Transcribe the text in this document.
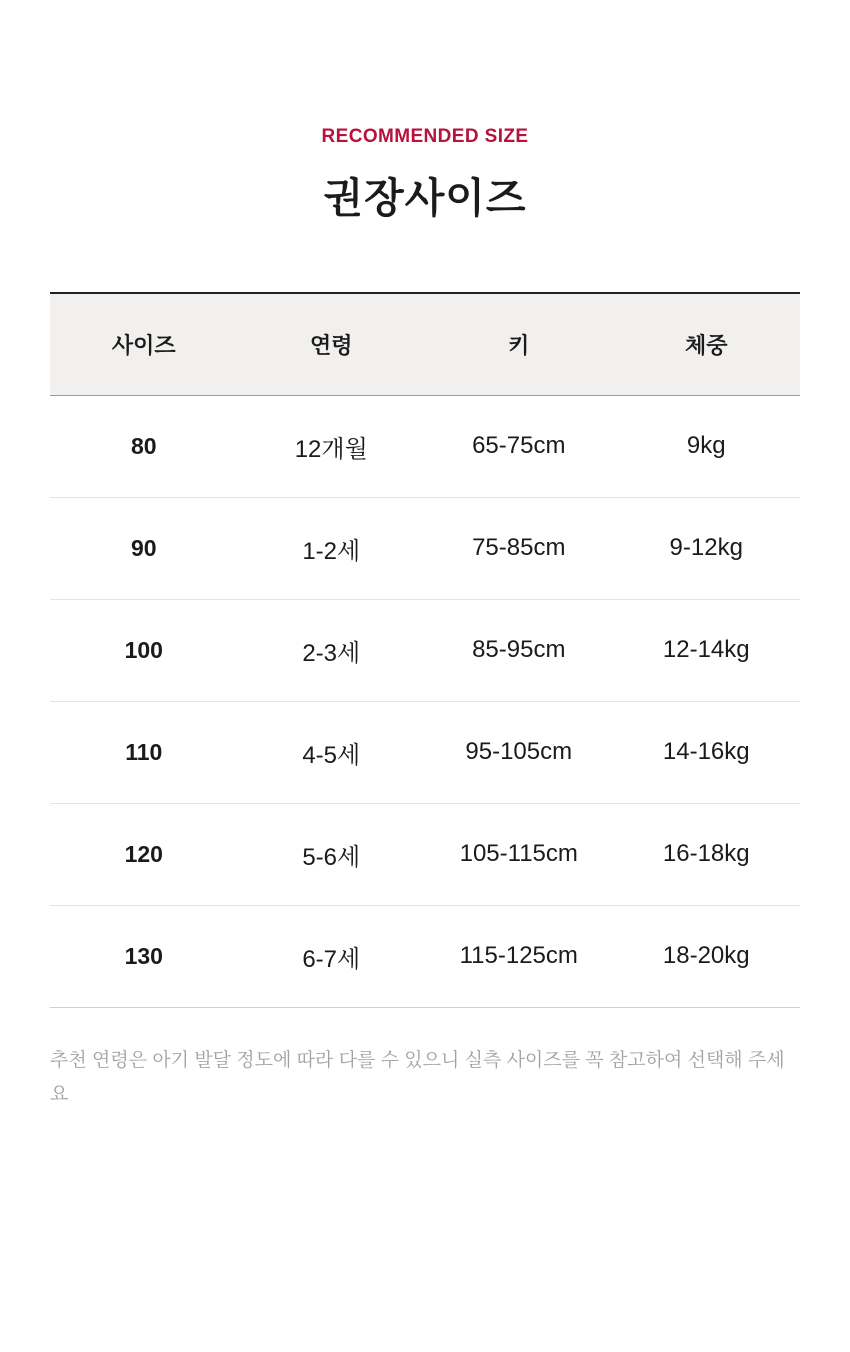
RECOMMENDED SIZE
권장사이즈
사이즈	연령	키	체중
80	12개월	65-75cm	9kg
90	1-2세	75-85cm	9-12kg
100	2-3세	85-95cm	12-14kg
110	4-5세	95-105cm	14-16kg
120	5-6세	105-115cm	16-18kg
130	6-7세	115-125cm	18-20kg

추천 연령은 아기 발달 정도에 따라 다를 수 있으니 실측 사이즈를 꼭 참고하여 선택해 주세요
